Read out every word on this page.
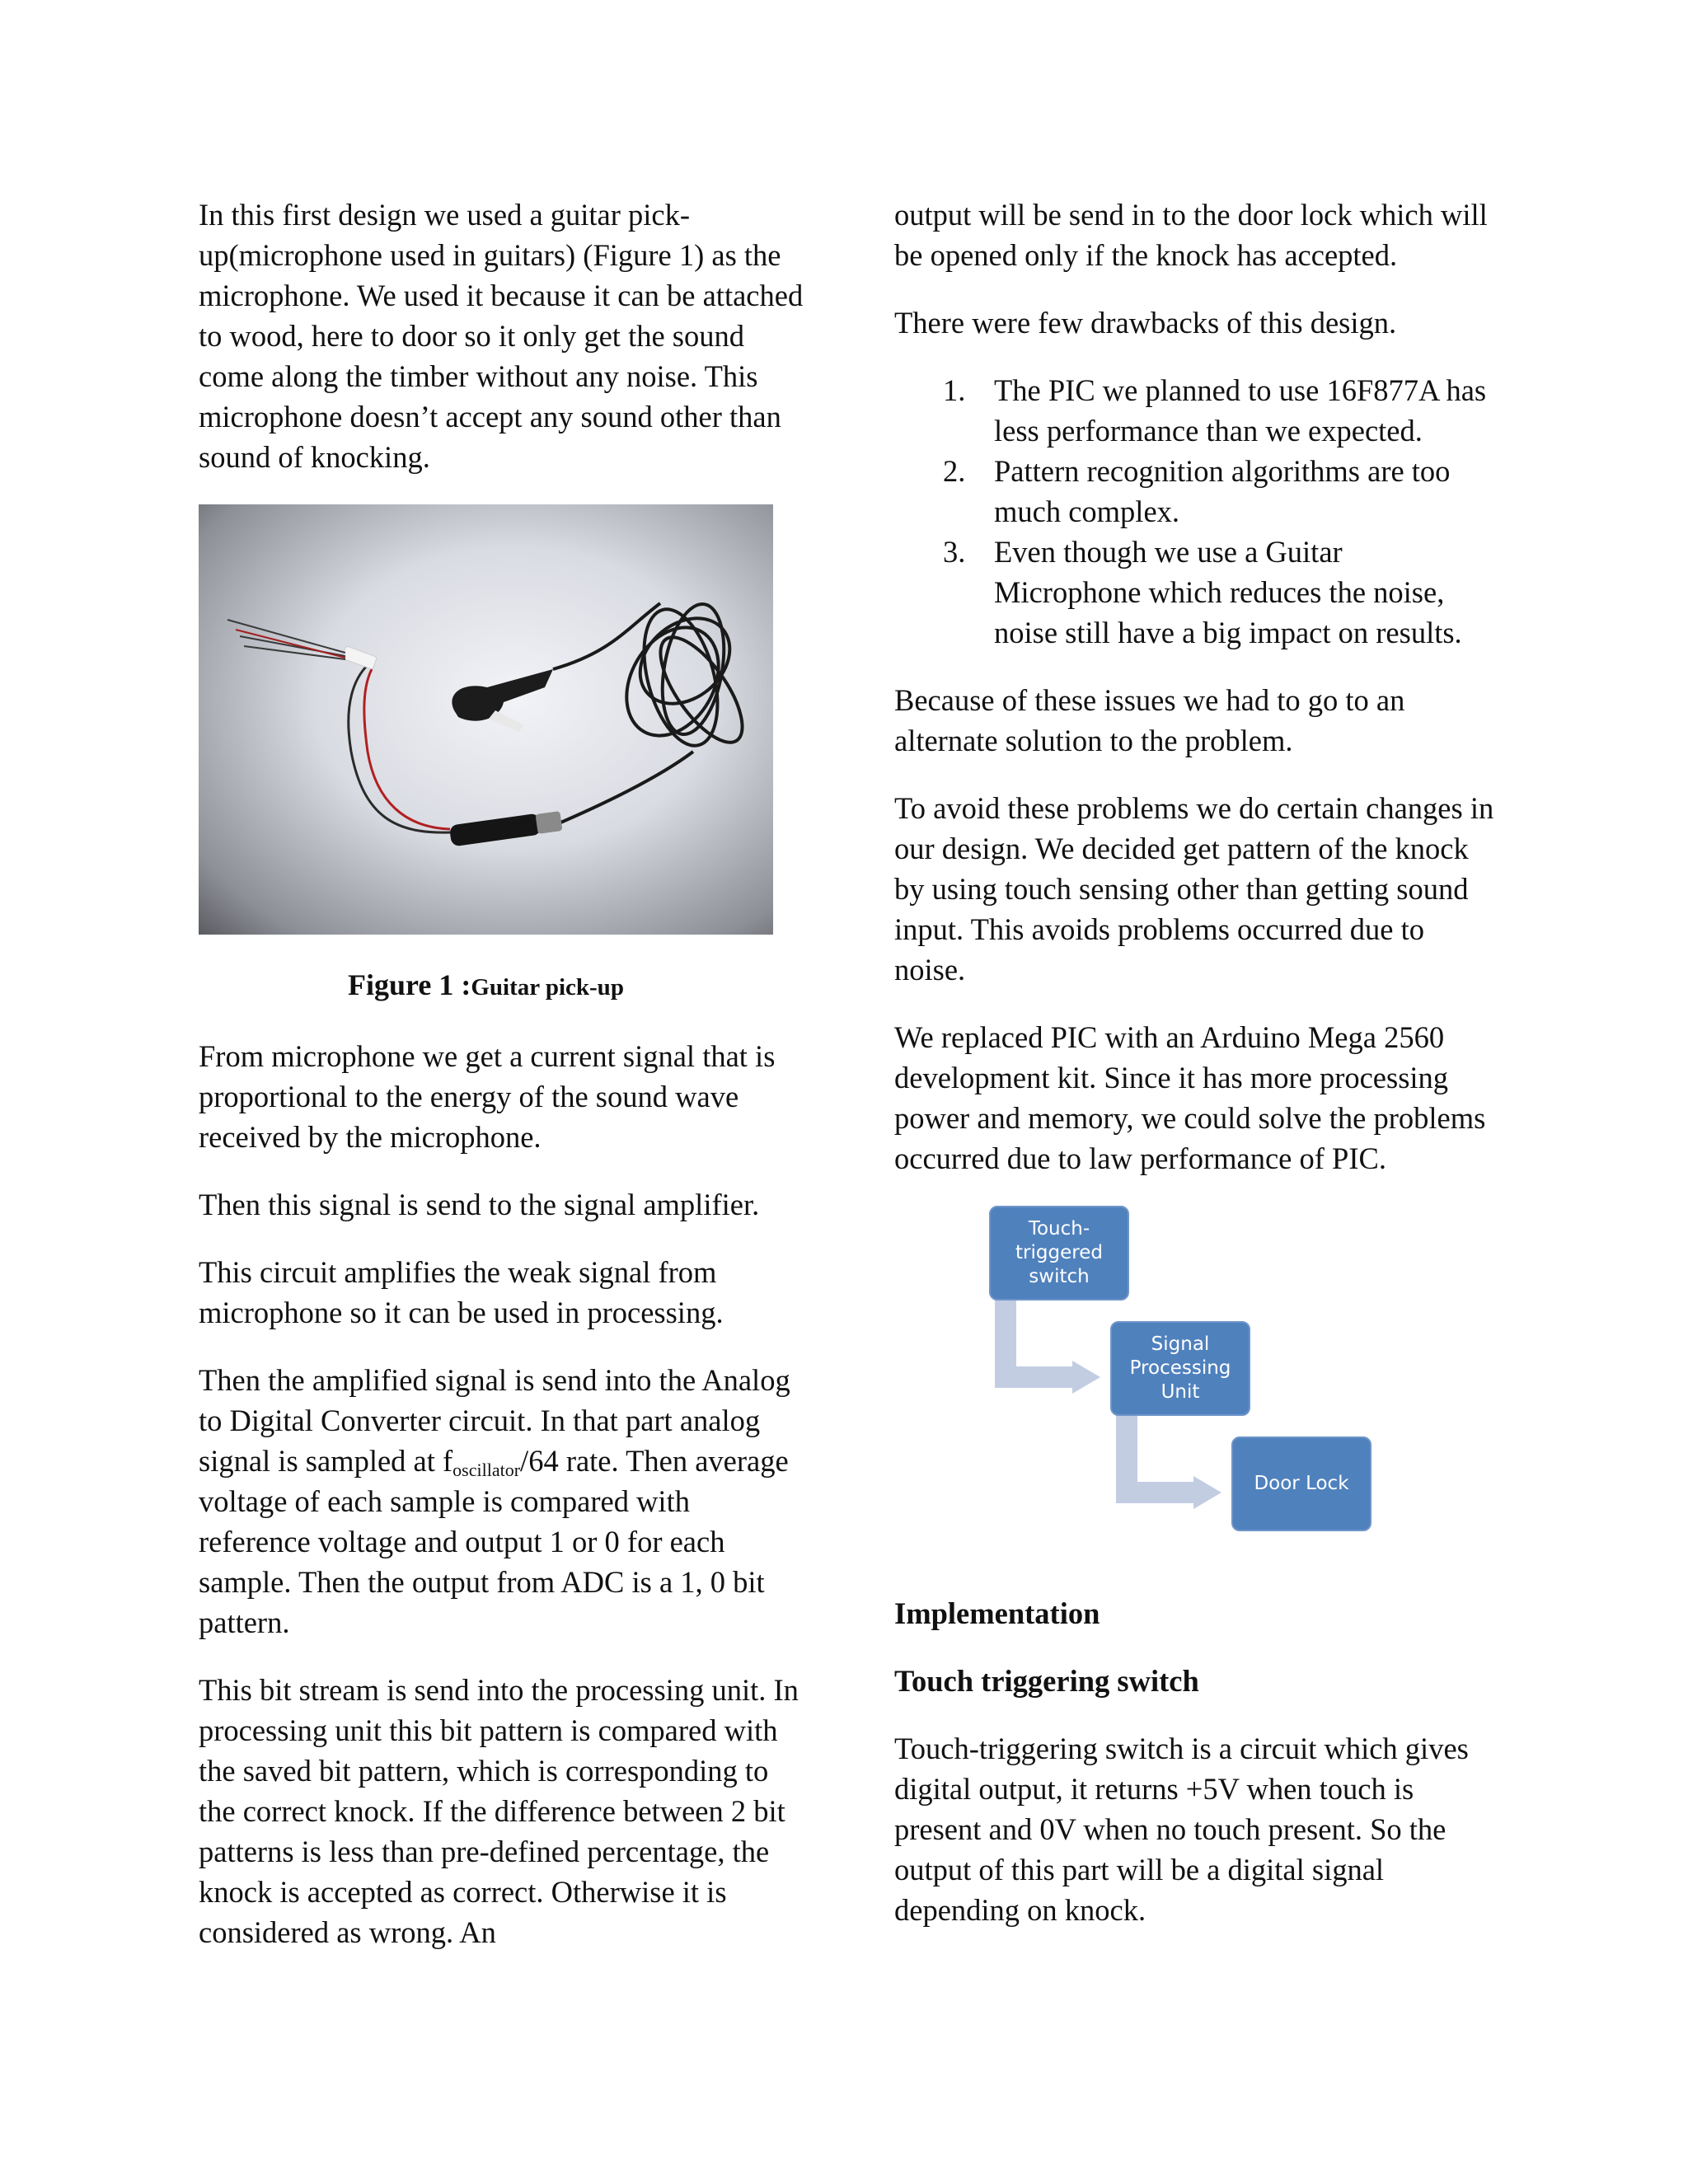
In this first design we used a guitar pick-up(microphone used in guitars) (Figure 1) as the microphone. We used it because it can be attached to wood, here to door so it only get the sound come along the timber without any noise. This microphone doesn’t accept any sound other than sound of knocking.

Figure 1 :Guitar pick-up

From microphone we get a current signal that is proportional to the energy of the sound wave received by the microphone.

Then this signal is send to the signal amplifier.

This circuit amplifies the weak signal from microphone so it can be used in processing.

Then the amplified signal is send into the Analog to Digital Converter circuit. In that part analog signal is sampled at $f_{oscillator}/64$ rate. Then average voltage of each sample is compared with reference voltage and output 1 or 0 for each sample. Then the output from ADC is a 1, 0 bit pattern.

This bit stream is send into the processing unit. In processing unit this bit pattern is compared with the saved bit pattern, which is corresponding to the correct knock. If the difference between 2 bit patterns is less than pre-defined percentage, the knock is accepted as correct. Otherwise it is considered as wrong. An

output will be send in to the door lock which will be opened only if the knock has accepted.

There were few drawbacks of this design.

1. The PIC we planned to use 16F877A has less performance than we expected.
2. Pattern recognition algorithms are too much complex.
3. Even though we use a Guitar Microphone which reduces the noise, noise still have a big impact on results.

Because of these issues we had to go to an alternate solution to the problem.

To avoid these problems we do certain changes in our design. We decided get pattern of the knock by using touch sensing other than getting sound input. This avoids problems occurred due to noise.

We replaced PIC with an Arduino Mega 2560 development kit. Since it has more processing power and memory, we could solve the problems occurred due to law performance of PIC.

Touch-triggered switch
Signal Processing Unit
Door Lock

Implementation

Touch triggering switch

Touch-triggering switch is a circuit which gives digital output, it returns +5V when touch is present and 0V when no touch present. So the output of this part will be a digital signal depending on knock.
